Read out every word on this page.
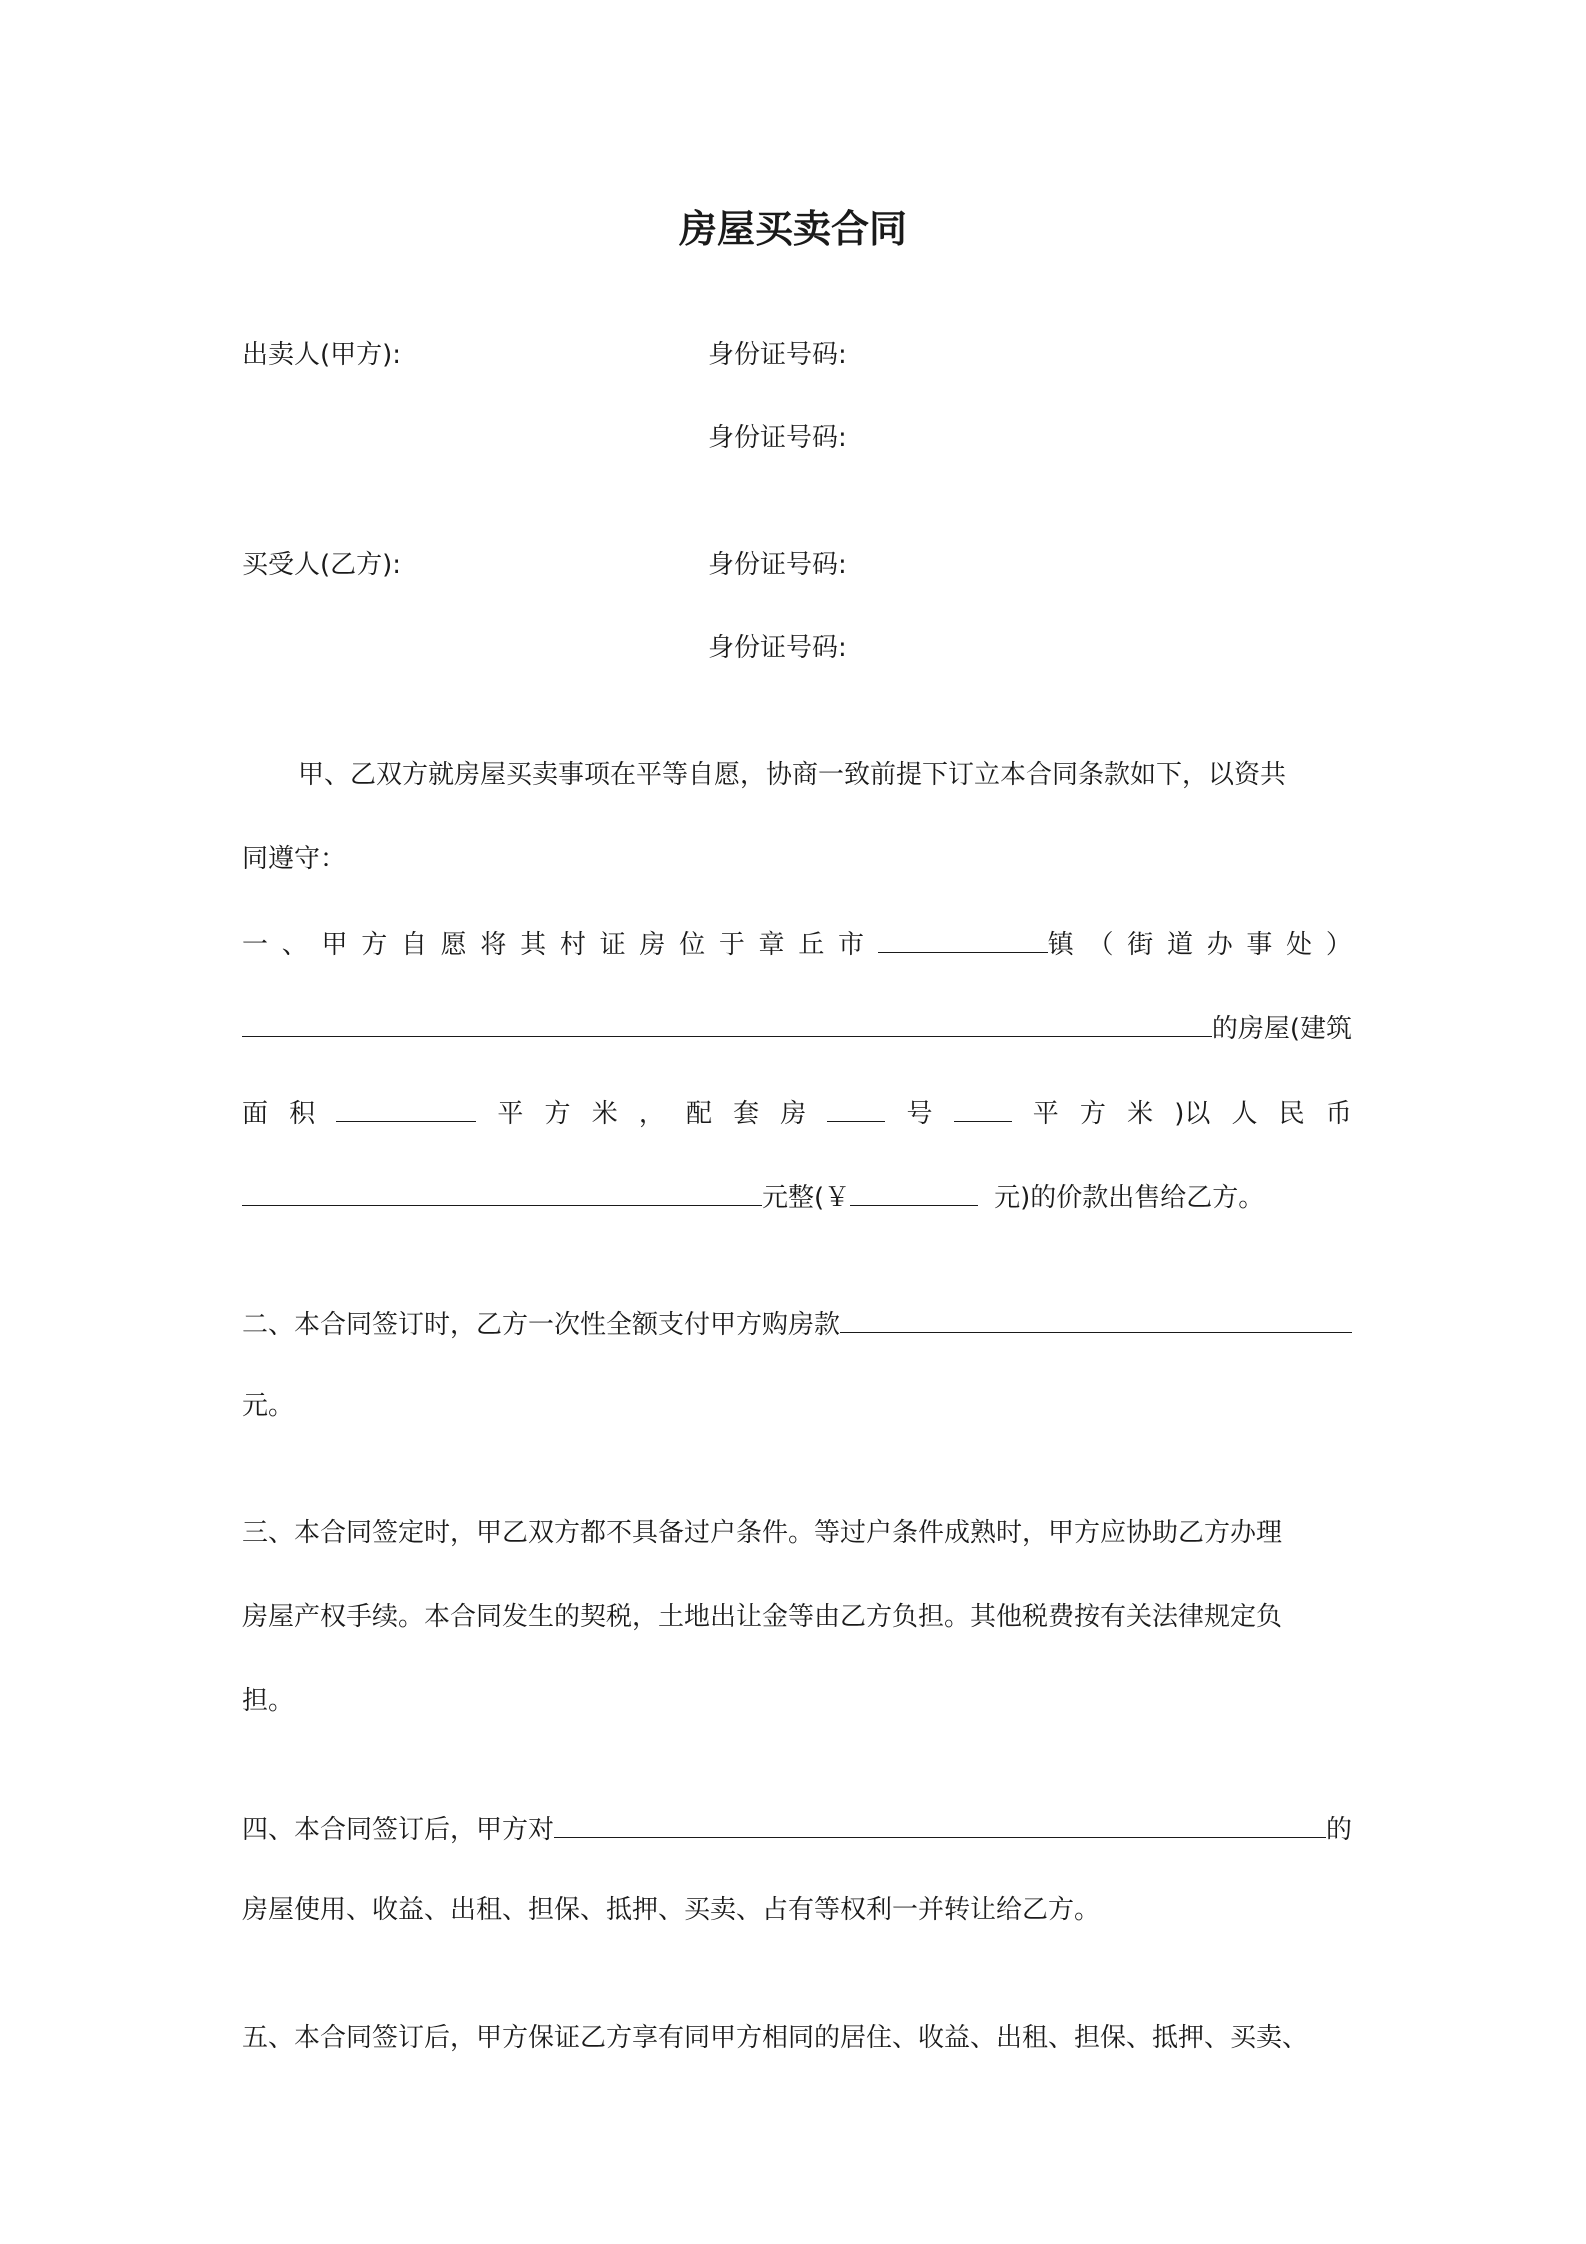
房屋买卖合同
出卖人(甲方):	身份证号码:
身份证号码:
买受人(乙方):	身份证号码:
身份证号码:
甲、乙双方就房屋买卖事项在平等自愿，协商一致前提下订立本合同条款如下，以资共
同遵守：
一 、 甲 方 自 愿 将 其 村 证 房 位 于 章 丘 市	镇 （ 街 道 办 事 处 ）
的房屋(建筑
面 积	平 方 米 ， 配 套 房	号	平 方 米 )以 人 民 币
元整(￥	元)的价款出售给乙方。
二、本合同签订时，乙方一次性全额支付甲方购房款
元。
三、本合同签定时，甲乙双方都不具备过户条件。等过户条件成熟时，甲方应协助乙方办理
房屋产权手续。本合同发生的契税，土地出让金等由乙方负担。其他税费按有关法律规定负
担。
四、本合同签订后，甲方对	的
房屋使用、收益、出租、担保、抵押、买卖、占有等权利一并转让给乙方。
五、本合同签订后，甲方保证乙方享有同甲方相同的居住、收益、出租、担保、抵押、买卖、
